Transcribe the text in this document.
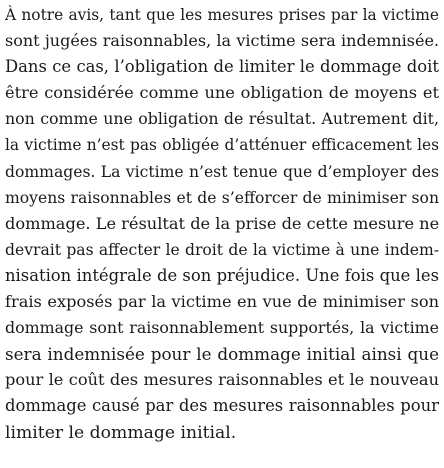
À notre avis, tant que les mesures prises par la victime
sont jugées raisonnables, la victime sera indemnisée.
Dans ce cas, l’obligation de limiter le dommage doit
être considérée comme une obligation de moyens et
non comme une obligation de résultat. Autrement dit,
la victime n’est pas obligée d’atténuer efficacement les
dommages. La victime n’est tenue que d’employer des
moyens raisonnables et de s’efforcer de minimiser son
dommage. Le résultat de la prise de cette mesure ne
devrait pas affecter le droit de la victime à une indem-
nisation intégrale de son préjudice. Une fois que les
frais exposés par la victime en vue de minimiser son
dommage sont raisonnablement supportés, la victime
sera indemnisée pour le dommage initial ainsi que
pour le coût des mesures raisonnables et le nouveau
dommage causé par des mesures raisonnables pour
limiter le dommage initial.
